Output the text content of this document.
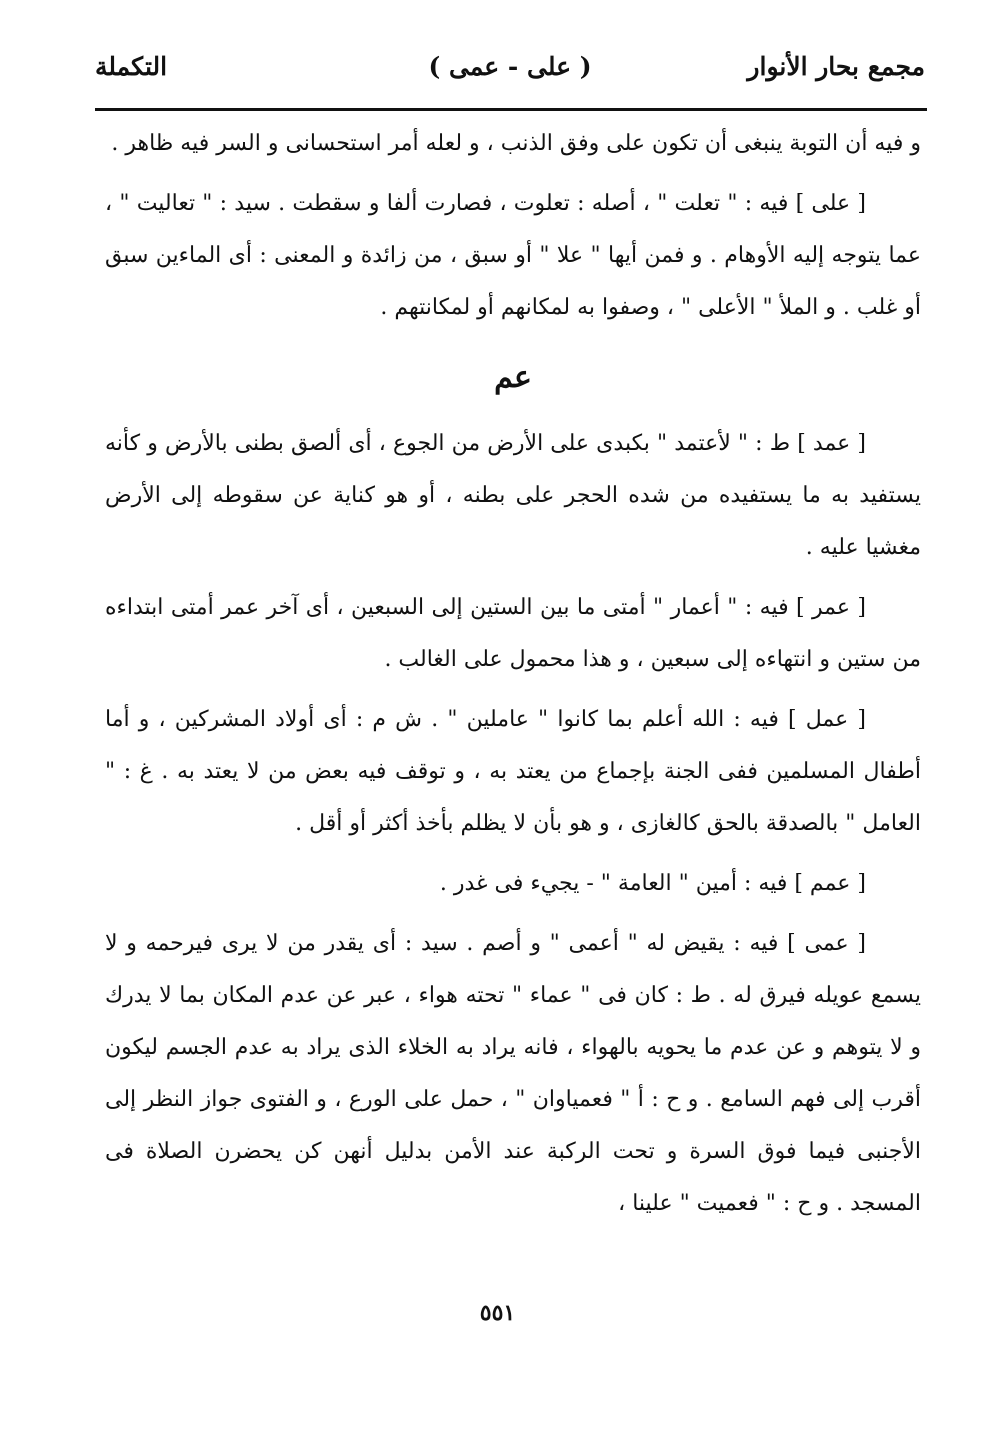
مجمع بحار الأنوار
( على - عمى )
التكملة

و فيه أن التوبة ينبغى أن تكون على وفق الذنب ، و لعله أمر استحسانى و السر فيه ظاهر .

[ على ] فيه : " تعلت " ، أصله : تعلوت ، فصارت ألفا و سقطت . سيد : " تعاليت " ، عما يتوجه إليه الأوهام . و فمن أيها " علا " أو سبق ، من زائدة و المعنى : أى الماءين سبق أو غلب . و الملأ " الأعلى " ، وصفوا به لمكانهم أو لمكانتهم .

عم

[ عمد ] ط : " لأعتمد " بكبدى على الأرض من الجوع ، أى ألصق بطنى بالأرض و كأنه يستفيد به ما يستفيده من شده الحجر على بطنه ، أو هو كناية عن سقوطه إلى الأرض مغشيا عليه .

[ عمر ] فيه : " أعمار " أمتى ما بين الستين إلى السبعين ، أى آخر عمر أمتى ابتداءه من ستين و انتهاءه إلى سبعين ، و هذا محمول على الغالب .

[ عمل ] فيه : الله أعلم بما كانوا " عاملين " . ش م : أى أولاد المشركين ، و أما أطفال المسلمين ففى الجنة بإجماع من يعتد به ، و توقف فيه بعض من لا يعتد به . غ : " العامل " بالصدقة بالحق كالغازى ، و هو بأن لا يظلم بأخذ أكثر أو أقل .

[ عمم ] فيه : أمين " العامة " - يجيء فى غدر .

[ عمى ] فيه : يقيض له " أعمى " و أصم . سيد : أى يقدر من لا يرى فيرحمه و لا يسمع عويله فيرق له . ط : كان فى " عماء " تحته هواء ، عبر عن عدم المكان بما لا يدرك و لا يتوهم و عن عدم ما يحويه بالهواء ، فانه يراد به الخلاء الذى يراد به عدم الجسم ليكون أقرب إلى فهم السامع . و ح : أ " فعمياوان " ، حمل على الورع ، و الفتوى جواز النظر إلى الأجنبى فيما فوق السرة و تحت الركبة عند الأمن بدليل أنهن كن يحضرن الصلاة فى المسجد . و ح : " فعميت " علينا ،

٥٥١
